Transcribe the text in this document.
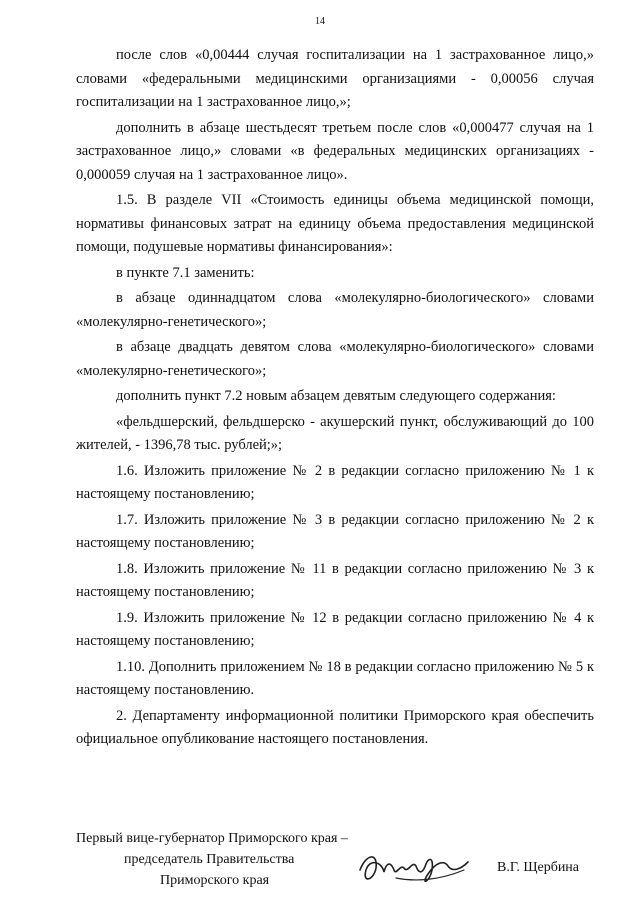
14

после слов «0,00444 случая госпитализации на 1 застрахованное лицо,» словами «федеральными медицинскими организациями - 0,00056 случая госпитализации на 1 застрахованное лицо,»;

дополнить в абзаце шестьдесят третьем после слов «0,000477 случая на 1 застрахованное лицо,» словами «в федеральных медицинских организациях - 0,000059 случая на 1 застрахованное лицо».

1.5. В разделе VII «Стоимость единицы объема медицинской помощи, нормативы финансовых затрат на единицу объема предоставления медицинской помощи, подушевые нормативы финансирования»:

в пункте 7.1 заменить:

в абзаце одиннадцатом слова «молекулярно-биологического» словами «молекулярно-генетического»;

в абзаце двадцать девятом слова «молекулярно-биологического» словами «молекулярно-генетического»;

дополнить пункт 7.2 новым абзацем девятым следующего содержания:

«фельдшерский, фельдшерско - акушерский пункт, обслуживающий до 100 жителей, - 1396,78 тыс. рублей;»;

1.6. Изложить приложение № 2 в редакции согласно приложению № 1 к настоящему постановлению;

1.7. Изложить приложение № 3 в редакции согласно приложению № 2 к настоящему постановлению;

1.8. Изложить приложение № 11 в редакции согласно приложению № 3 к настоящему постановлению;

1.9. Изложить приложение № 12 в редакции согласно приложению № 4 к настоящему постановлению;

1.10. Дополнить приложением № 18 в редакции согласно приложению № 5 к настоящему постановлению.

2. Департаменту информационной политики Приморского края обеспечить официальное опубликование настоящего постановления.

Первый вице-губернатор Приморского края –
председатель Правительства
Приморского края
В.Г. Щербина
